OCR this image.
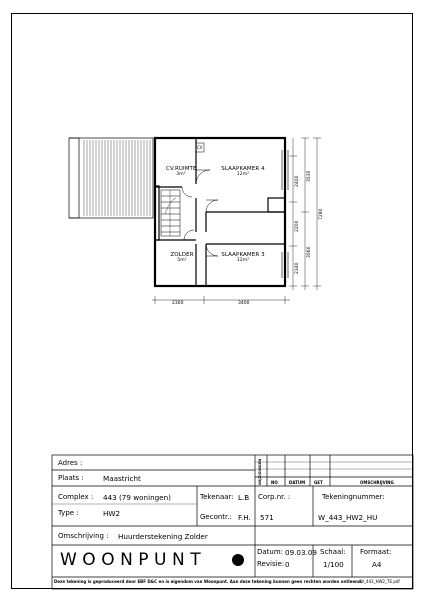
CV.RUIMTE
3m²
SLAAPKAMER 4
12m²
ZOLDER
5m²
SLAAPKAMER 3
12m²
CV
2360	3400
2400
2200
2340
3530
3560
7280
Adres :
Plaats :	Maastricht	WIJZIGINGEN NO	DATUM GET	OMSCHRIJVING
Complex : 443 (79 woningen)
Type :	HW2
Tekenaar: L.B
Gecontr.: F.H.
Corp.nr. :
571
Tekeningnummer:
W_443_HW2_HU
Omschrijving : Huurderstekening Zolder
WOONPUNT	Datum: 09.03.09
Revisie: 0
Schaal:
1/100
Formaat:
A4
Deze tekening is geproduceerd door EBF D&C en is eigendom van Woonpunt. Aan deze tekening kunnen geen rechten worden ontleend.
W_443_HW2_TE.pdf
